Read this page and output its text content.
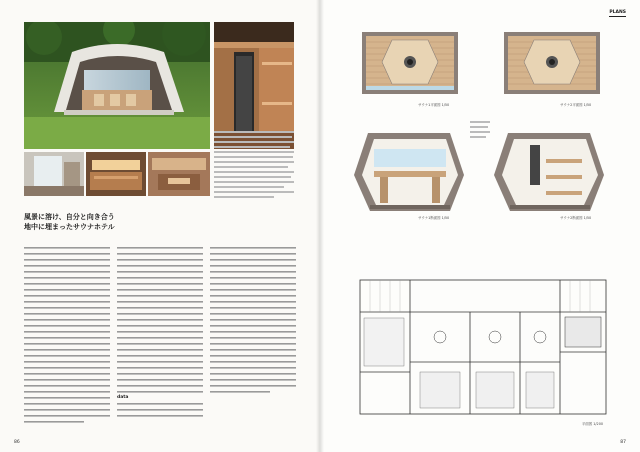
風景に溶け、自分と向き合う
地中に埋まったサウナホテル
data
86
PLANS
サウナ1平面図 1/50	サウナ2平面図 1/50
サウナ1断面図 1/50	サウナ2断面図 1/50
平面図 1/200
87
